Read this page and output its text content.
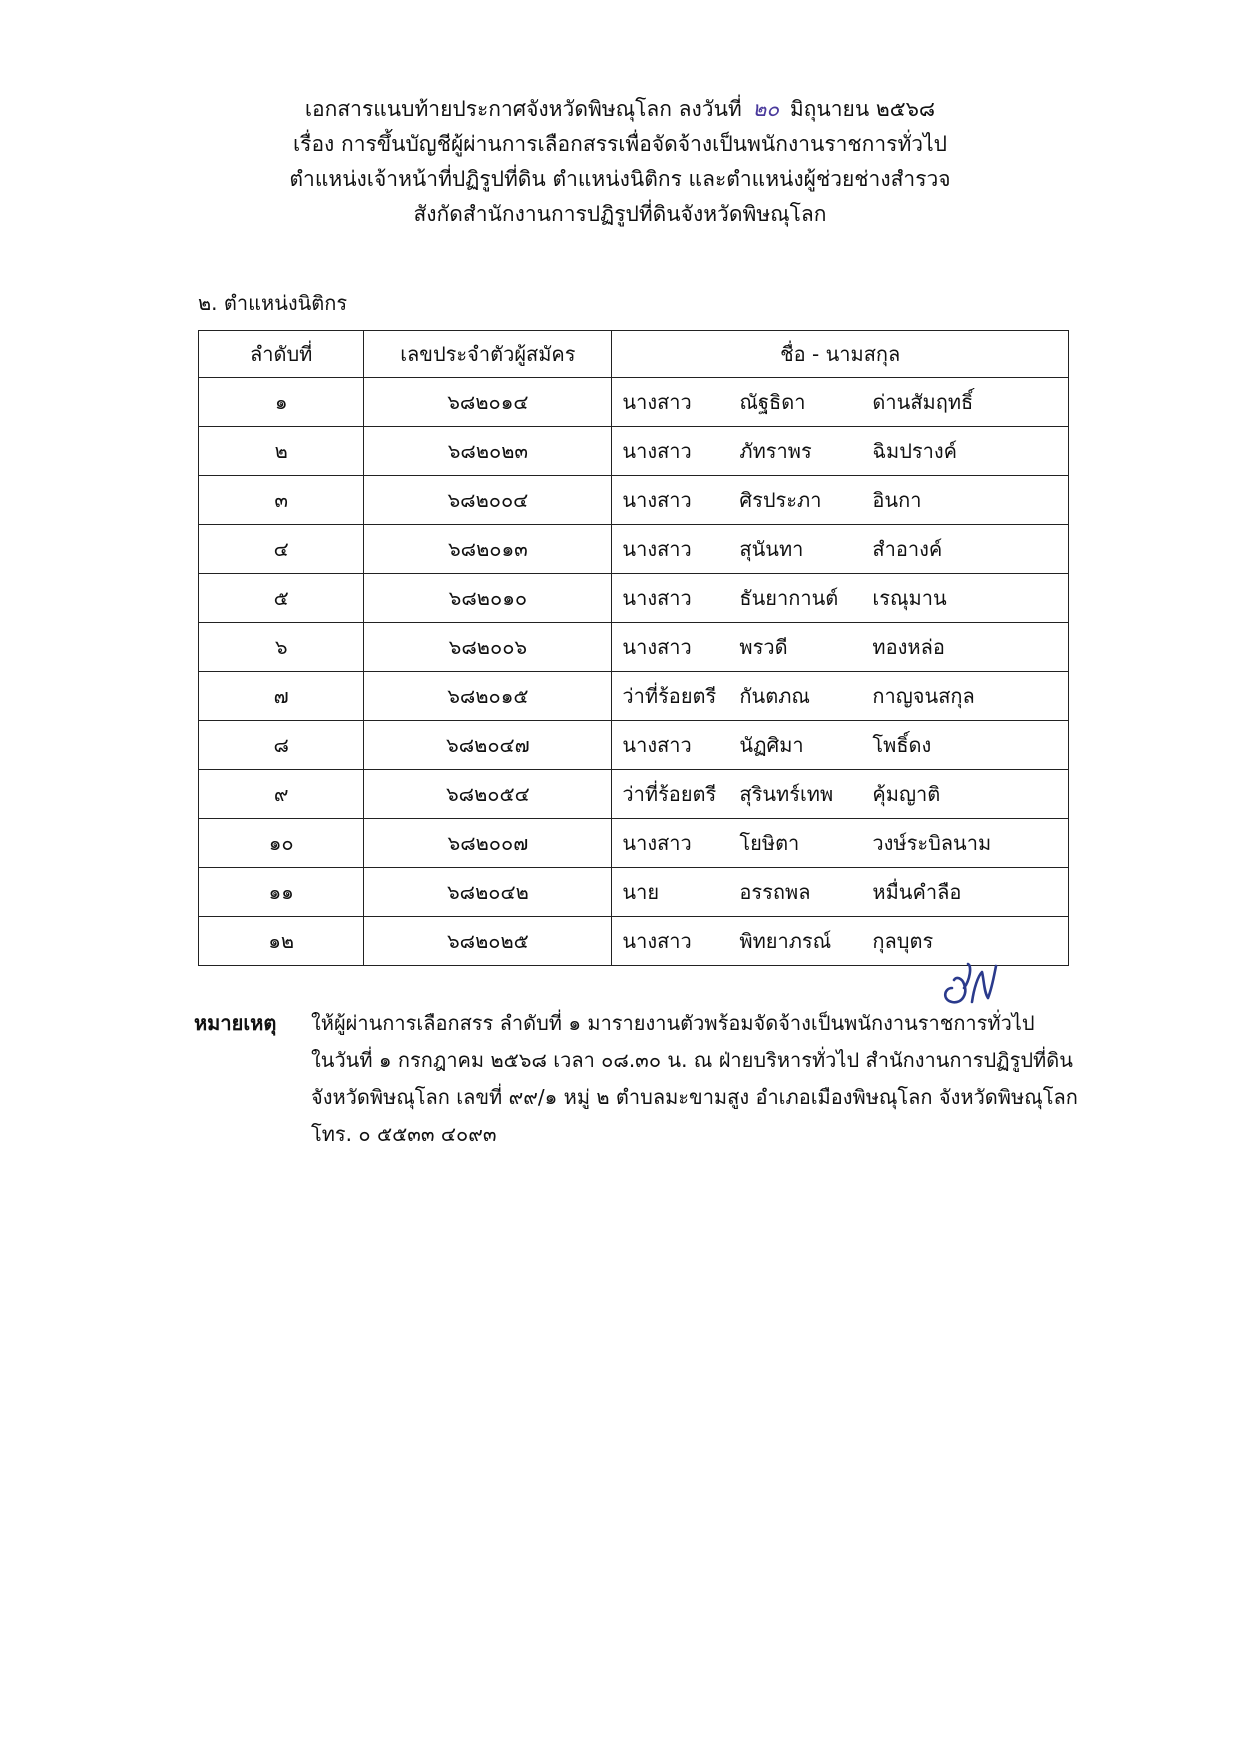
เอกสารแนบท้ายประกาศจังหวัดพิษณุโลก ลงวันที่ ๒๐ มิถุนายน ๒๕๖๘
เรื่อง การขึ้นบัญชีผู้ผ่านการเลือกสรรเพื่อจัดจ้างเป็นพนักงานราชการทั่วไป
ตำแหน่งเจ้าหน้าที่ปฏิรูปที่ดิน ตำแหน่งนิติกร และตำแหน่งผู้ช่วยช่างสำรวจ
สังกัดสำนักงานการปฏิรูปที่ดินจังหวัดพิษณุโลก
๒. ตำแหน่งนิติกร
ลำดับที่	เลขประจำตัวผู้สมัคร	ชื่อ - นามสกุล
๑	๖๘๒๐๑๔	นางสาว ณัฐธิดา ด่านสัมฤทธิ์

๒	๖๘๒๐๒๓	นางสาว ภัทราพร ฉิมปรางค์

๓	๖๘๒๐๐๔	นางสาว ศิรประภา อินกา

๔	๖๘๒๐๑๓	นางสาว สุนันทา สำอางค์

๕	๖๘๒๐๑๐	นางสาว ธันยากานต์ เรณุมาน

๖	๖๘๒๐๐๖	นางสาว พรวดี ทองหล่อ

๗	๖๘๒๐๑๕	ว่าที่ร้อยตรี กันตภณ กาญจนสกุล

๘	๖๘๒๐๔๗	นางสาว นัฏศิมา โพธิ์ดง

๙	๖๘๒๐๕๔	ว่าที่ร้อยตรี สุรินทร์เทพ คุ้มญาติ

๑๐	๖๘๒๐๐๗	นางสาว โยษิตา วงษ์ระบิลนาม

๑๑	๖๘๒๐๔๒	นาย อรรถพล หมื่นคำลือ

๑๒	๖๘๒๐๒๕	นางสาว พิทยาภรณ์ กุลบุตร
หมายเหตุ ให้ผู้ผ่านการเลือกสรร ลำดับที่ ๑ มารายงานตัวพร้อมจัดจ้างเป็นพนักงานราชการทั่วไป
ในวันที่ ๑ กรกฎาคม ๒๕๖๘ เวลา ๐๘.๓๐ น. ณ ฝ่ายบริหารทั่วไป สำนักงานการปฏิรูปที่ดิน
จังหวัดพิษณุโลก เลขที่ ๙๙/๑ หมู่ ๒ ตำบลมะขามสูง อำเภอเมืองพิษณุโลก จังหวัดพิษณุโลก
โทร. ๐ ๕๕๓๓ ๔๐๙๓
